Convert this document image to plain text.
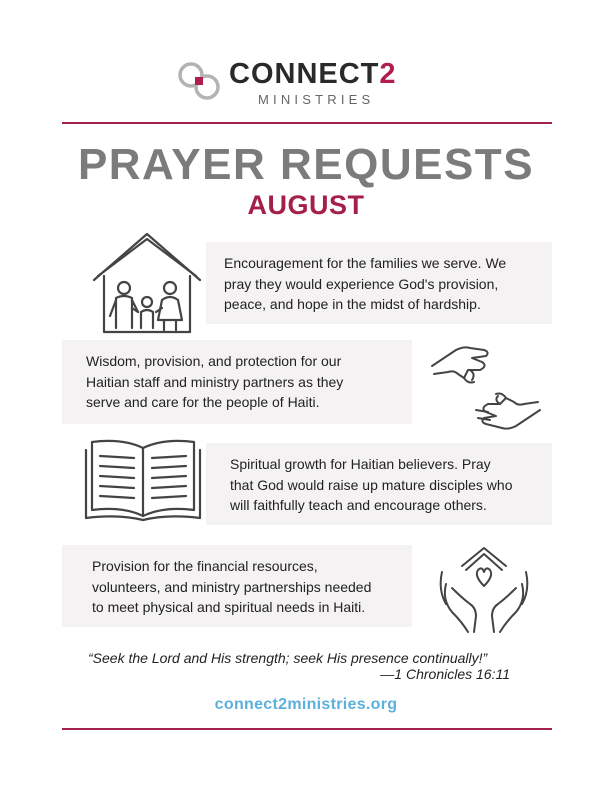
CONNECT2
MINISTRIES
PRAYER REQUESTS
AUGUST
Encouragement for the families we serve. We
pray they would experience God's provision,
peace, and hope in the midst of hardship.
Wisdom, provision, and protection for our
Haitian staff and ministry partners as they
serve and care for the people of Haiti.
Spiritual growth for Haitian believers. Pray
that God would raise up mature disciples who
will faithfully teach and encourage others.
Provision for the financial resources,
volunteers, and ministry partnerships needed
to meet physical and spiritual needs in Haiti.
“Seek the Lord and His strength; seek His presence continually!”
—1 Chronicles 16:11
connect2ministries.org
